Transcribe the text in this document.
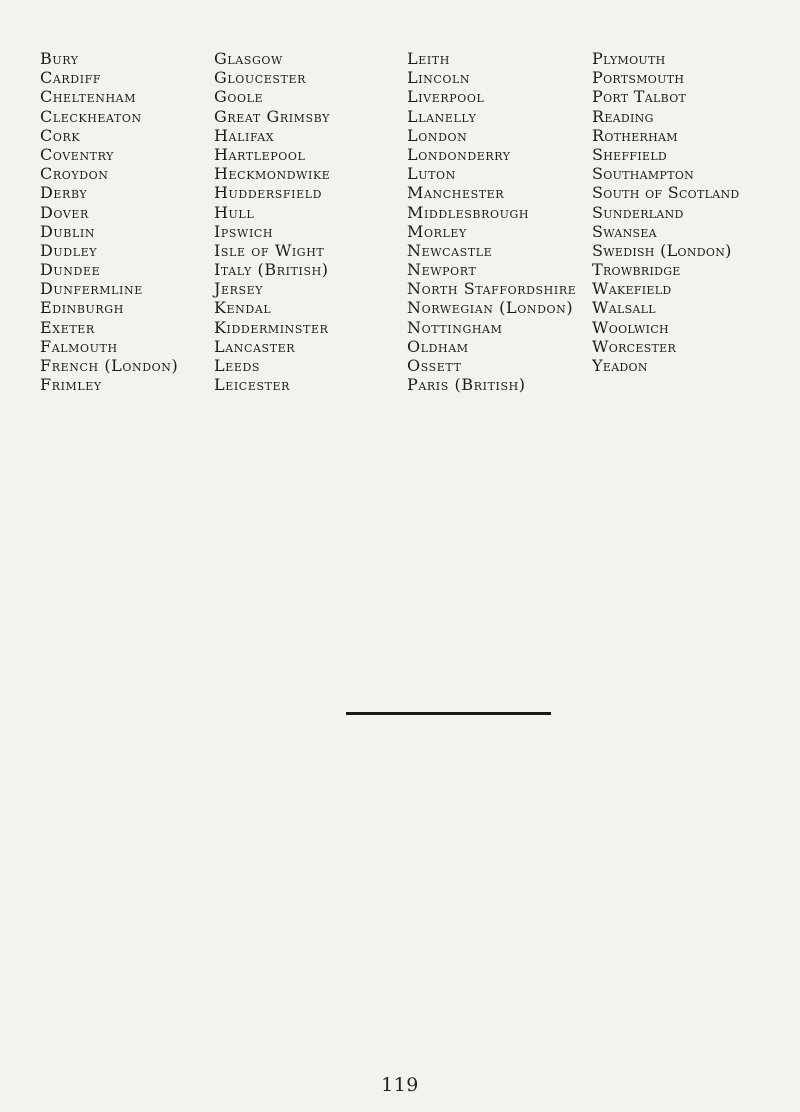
Bury
Cardiff
Cheltenham
Cleckheaton
Cork
Coventry
Croydon
Derby
Dover
Dublin
Dudley
Dundee
Dunfermline
Edinburgh
Exeter
Falmouth
French (London)
Frimley
Glasgow
Gloucester
Goole
Great Grimsby
Halifax
Hartlepool
Heckmondwike
Huddersfield
Hull
Ipswich
Isle of Wight
Italy (British)
Jersey
Kendal
Kidderminster
Lancaster
Leeds
Leicester
Leith
Lincoln
Liverpool
Llanelly
London
Londonderry
Luton
Manchester
Middlesbrough
Morley
Newcastle
Newport
North Staffordshire
Norwegian (London)
Nottingham
Oldham
Ossett
Paris (British)
Plymouth
Portsmouth
Port Talbot
Reading
Rotherham
Sheffield
Southampton
South of Scotland
Sunderland
Swansea
Swedish (London)
Trowbridge
Wakefield
Walsall
Woolwich
Worcester
Yeadon
119
